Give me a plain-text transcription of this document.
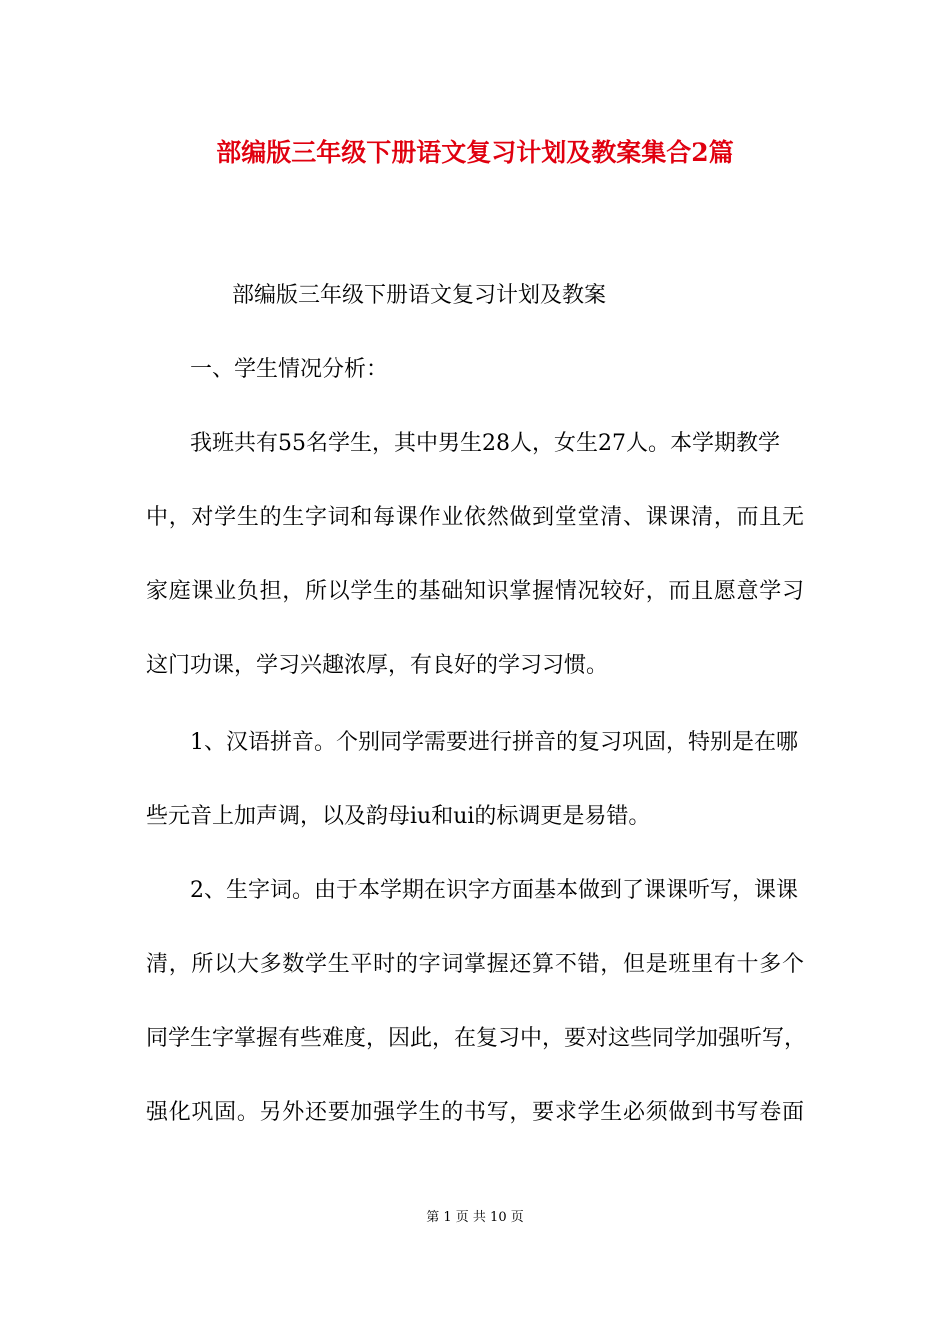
部编版三年级下册语文复习计划及教案集合2篇
部编版三年级下册语文复习计划及教案
一、学生情况分析：
我班共有55名学生，其中男生28人，女生27人。本学期教学
中，对学生的生字词和每课作业依然做到堂堂清、课课清，而且无
家庭课业负担，所以学生的基础知识掌握情况较好，而且愿意学习
这门功课，学习兴趣浓厚，有良好的学习习惯。
1、汉语拼音。个别同学需要进行拼音的复习巩固，特别是在哪
些元音上加声调，以及韵母iu和ui的标调更是易错。
2、生字词。由于本学期在识字方面基本做到了课课听写，课课
清，所以大多数学生平时的字词掌握还算不错，但是班里有十多个
同学生字掌握有些难度，因此，在复习中，要对这些同学加强听写，
强化巩固。另外还要加强学生的书写，要求学生必须做到书写卷面
第 1 页 共 10 页
